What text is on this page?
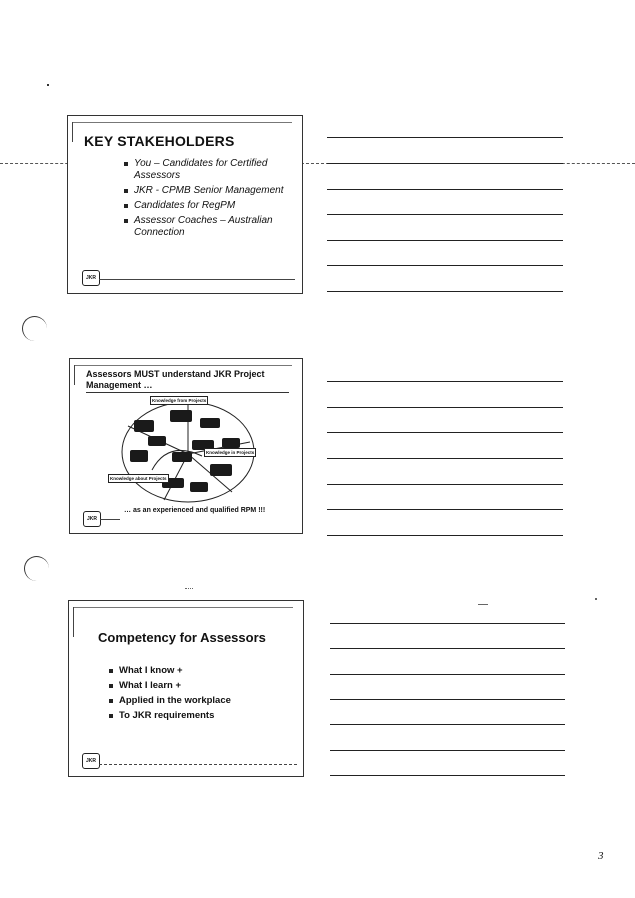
KEY STAKEHOLDERS
You – Candidates for Certified Assessors
JKR - CPMB Senior Management
Candidates for RegPM
Assessor Coaches – Australian Connection
JKR
Assessors MUST understand JKR Project Management …
Knowledge from Projects
Knowledge in Projects
Knowledge about Projects
… as an experienced and qualified RPM !!!
JKR
Competency for Assessors
What I know +
What I learn +
Applied in the workplace
To JKR requirements
JKR
3
